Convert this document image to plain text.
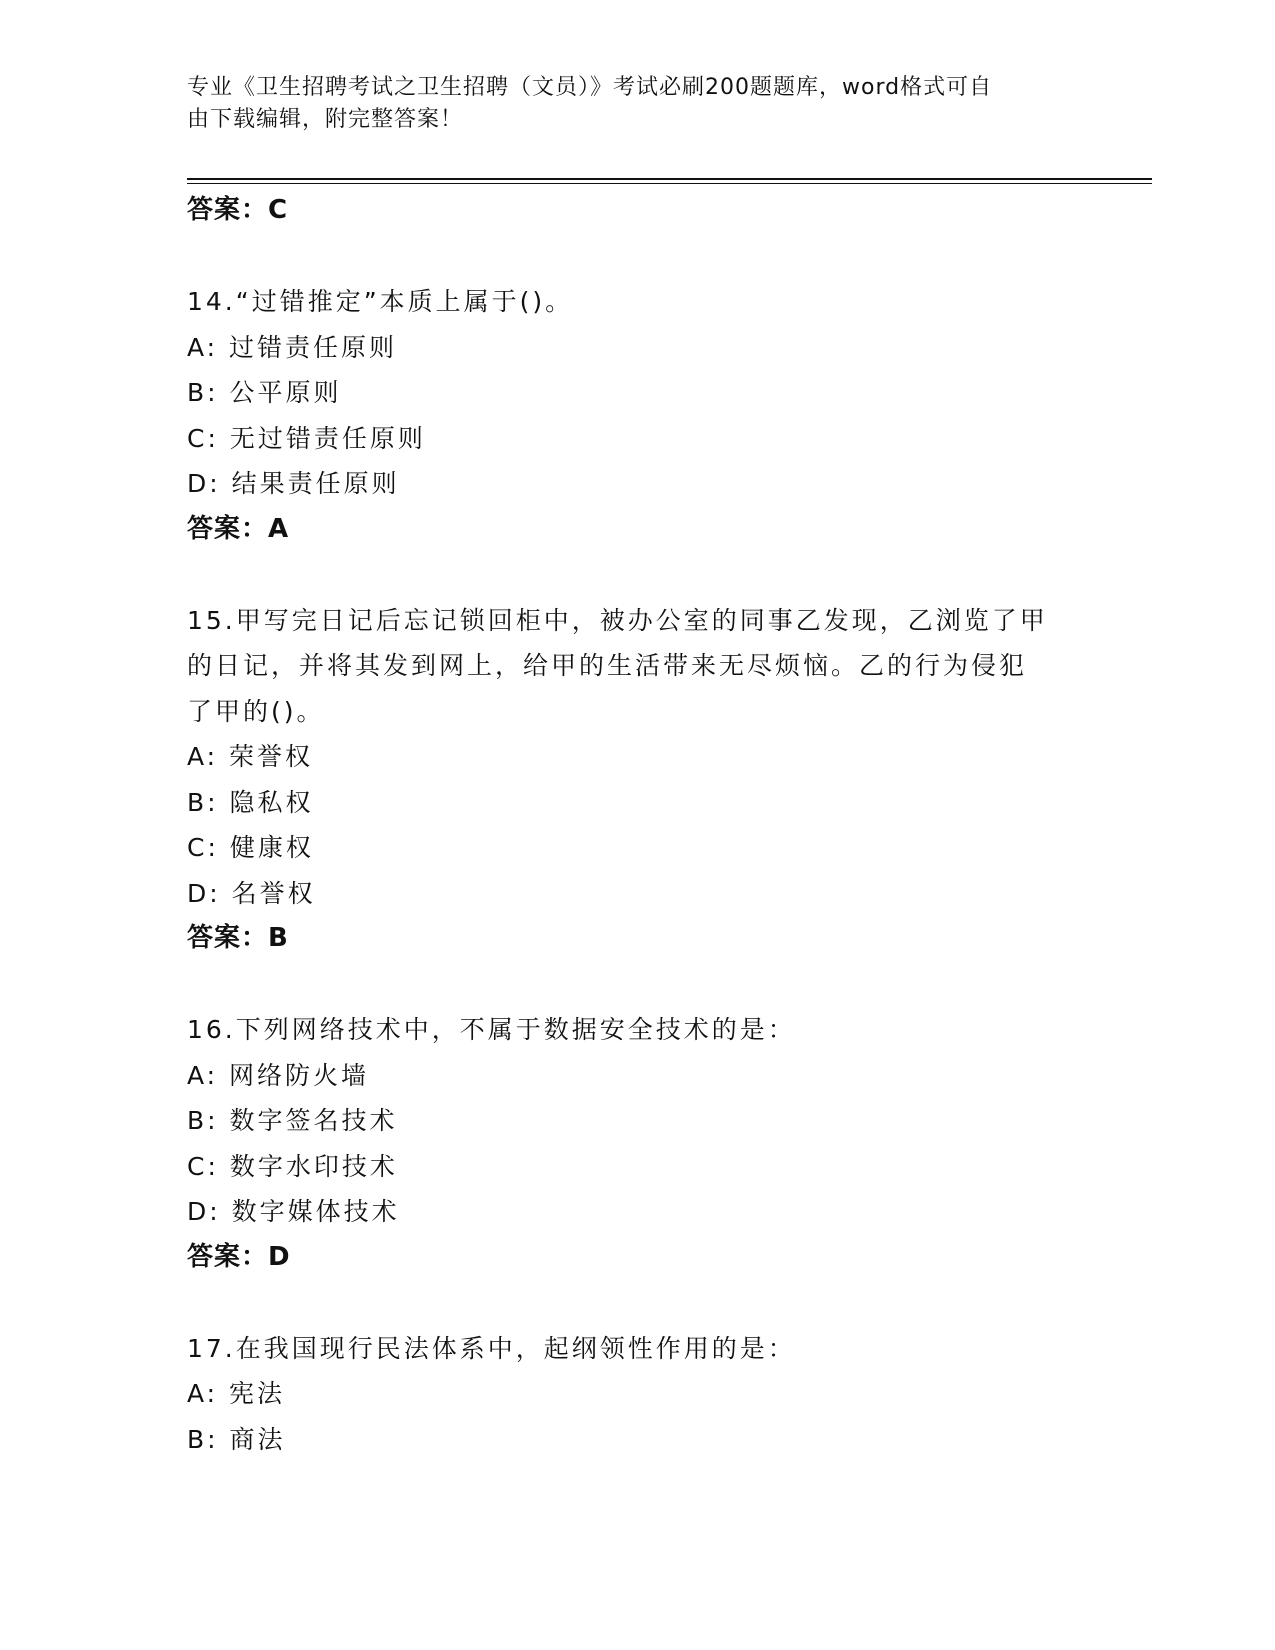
专业《卫生招聘考试之卫生招聘（文员）》考试必刷200题题库，word格式可自
由下载编辑，附完整答案！
答案：C
14.“过错推定”本质上属于()。
A: 过错责任原则
B: 公平原则
C: 无过错责任原则
D: 结果责任原则
答案：A
15.甲写完日记后忘记锁回柜中，被办公室的同事乙发现，乙浏览了甲
的日记，并将其发到网上，给甲的生活带来无尽烦恼。乙的行为侵犯
了甲的()。
A: 荣誉权
B: 隐私权
C: 健康权
D: 名誉权
答案：B
16.下列网络技术中，不属于数据安全技术的是：
A: 网络防火墙
B: 数字签名技术
C: 数字水印技术
D: 数字媒体技术
答案：D
17.在我国现行民法体系中，起纲领性作用的是：
A: 宪法
B: 商法
